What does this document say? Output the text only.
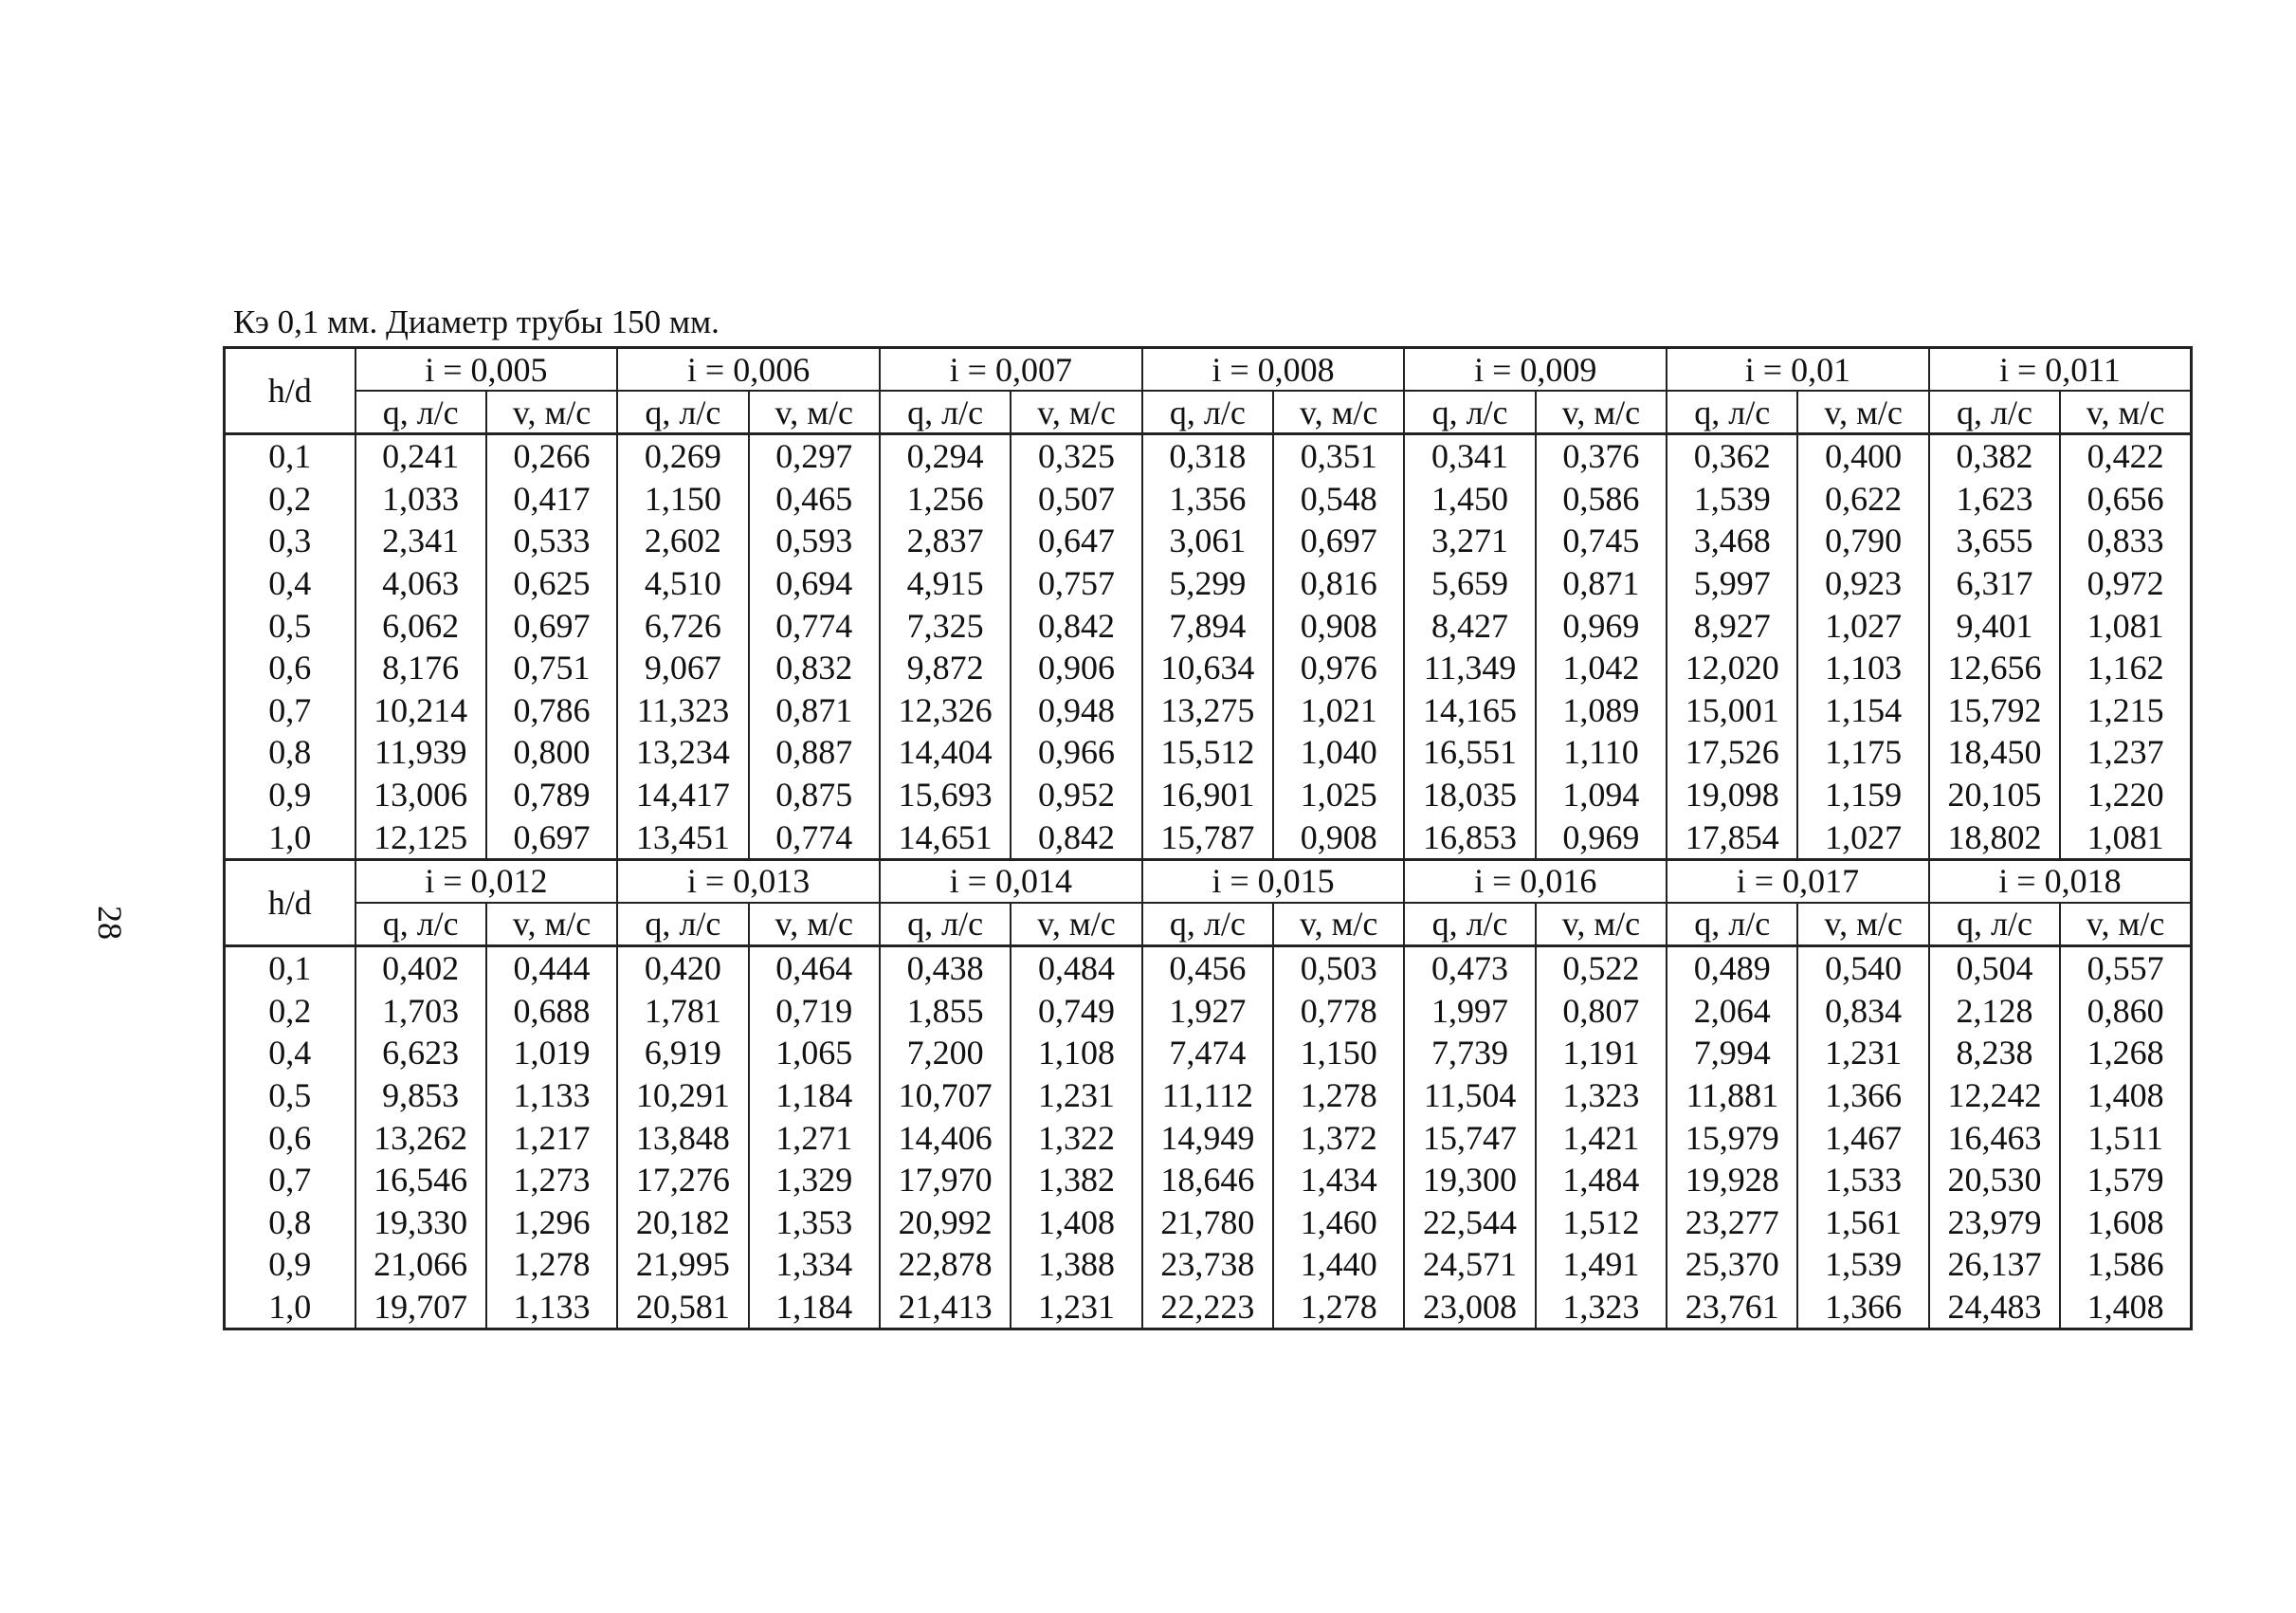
28
Кэ 0,1 мм. Диаметр трубы 150 мм.
h/d	i = 0,005		i = 0,006		i = 0,007		i = 0,008		i = 0,009		i = 0,01		i = 0,011	
	q, л/с	v, м/с	q, л/с	v, м/с	q, л/с	v, м/с	q, л/с	v, м/с	q, л/с	v, м/с	q, л/с	v, м/с	q, л/с	v, м/с
0,1	0,241	0,266	0,269	0,297	0,294	0,325	0,318	0,351	0,341	0,376	0,362	0,400	0,382	0,422
0,2	1,033	0,417	1,150	0,465	1,256	0,507	1,356	0,548	1,450	0,586	1,539	0,622	1,623	0,656
0,3	2,341	0,533	2,602	0,593	2,837	0,647	3,061	0,697	3,271	0,745	3,468	0,790	3,655	0,833
0,4	4,063	0,625	4,510	0,694	4,915	0,757	5,299	0,816	5,659	0,871	5,997	0,923	6,317	0,972
0,5	6,062	0,697	6,726	0,774	7,325	0,842	7,894	0,908	8,427	0,969	8,927	1,027	9,401	1,081
0,6	8,176	0,751	9,067	0,832	9,872	0,906	10,634	0,976	11,349	1,042	12,020	1,103	12,656	1,162
0,7	10,214	0,786	11,323	0,871	12,326	0,948	13,275	1,021	14,165	1,089	15,001	1,154	15,792	1,215
0,8	11,939	0,800	13,234	0,887	14,404	0,966	15,512	1,040	16,551	1,110	17,526	1,175	18,450	1,237
0,9	13,006	0,789	14,417	0,875	15,693	0,952	16,901	1,025	18,035	1,094	19,098	1,159	20,105	1,220
1,0	12,125	0,697	13,451	0,774	14,651	0,842	15,787	0,908	16,853	0,969	17,854	1,027	18,802	1,081
h/d	i = 0,012		i = 0,013		i = 0,014		i = 0,015		i = 0,016		i = 0,017		i = 0,018	
	q, л/с	v, м/с	q, л/с	v, м/с	q, л/с	v, м/с	q, л/с	v, м/с	q, л/с	v, м/с	q, л/с	v, м/с	q, л/с	v, м/с
0,1	0,402	0,444	0,420	0,464	0,438	0,484	0,456	0,503	0,473	0,522	0,489	0,540	0,504	0,557
0,2	1,703	0,688	1,781	0,719	1,855	0,749	1,927	0,778	1,997	0,807	2,064	0,834	2,128	0,860
0,4	6,623	1,019	6,919	1,065	7,200	1,108	7,474	1,150	7,739	1,191	7,994	1,231	8,238	1,268
0,5	9,853	1,133	10,291	1,184	10,707	1,231	11,112	1,278	11,504	1,323	11,881	1,366	12,242	1,408
0,6	13,262	1,217	13,848	1,271	14,406	1,322	14,949	1,372	15,747	1,421	15,979	1,467	16,463	1,511
0,7	16,546	1,273	17,276	1,329	17,970	1,382	18,646	1,434	19,300	1,484	19,928	1,533	20,530	1,579
0,8	19,330	1,296	20,182	1,353	20,992	1,408	21,780	1,460	22,544	1,512	23,277	1,561	23,979	1,608
0,9	21,066	1,278	21,995	1,334	22,878	1,388	23,738	1,440	24,571	1,491	25,370	1,539	26,137	1,586
1,0	19,707	1,133	20,581	1,184	21,413	1,231	22,223	1,278	23,008	1,323	23,761	1,366	24,483	1,408
